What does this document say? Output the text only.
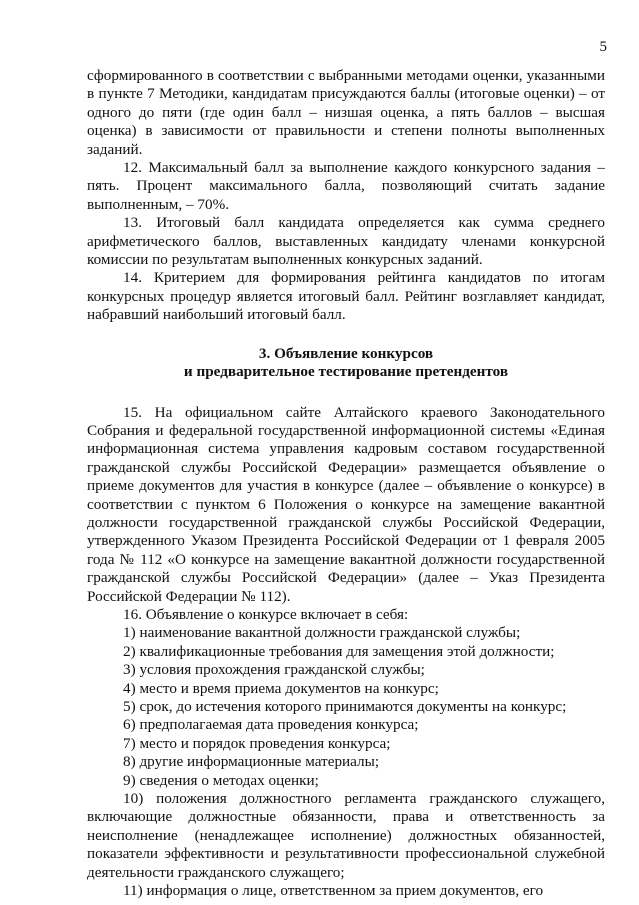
5

сформированного в соответствии с выбранными методами оценки, указанными в пункте 7 Методики, кандидатам присуждаются баллы (итоговые оценки) – от одного до пяти (где один балл – низшая оценка, а пять баллов – высшая оценка) в зависимости от правильности и степени полноты выполненных заданий.

12. Максимальный балл за выполнение каждого конкурсного задания – пять. Процент максимального балла, позволяющий считать задание выполненным, – 70%.

13. Итоговый балл кандидата определяется как сумма среднего арифметического баллов, выставленных кандидату членами конкурсной комиссии по результатам выполненных конкурсных заданий.

14. Критерием для формирования рейтинга кандидатов по итогам конкурсных процедур является итоговый балл. Рейтинг возглавляет кандидат, набравший наибольший итоговый балл.

3. Объявление конкурсов
и предварительное тестирование претендентов

15. На официальном сайте Алтайского краевого Законодательного Собрания и федеральной государственной информационной системы «Единая информационная система управления кадровым составом государственной гражданской службы Российской Федерации» размещается объявление о приеме документов для участия в конкурсе (далее – объявление о конкурсе) в соответствии с пунктом 6 Положения о конкурсе на замещение вакантной должности государственной гражданской службы Российской Федерации, утвержденного Указом Президента Российской Федерации от 1 февраля 2005 года № 112 «О конкурсе на замещение вакантной должности государственной гражданской службы Российской Федерации» (далее – Указ Президента Российской Федерации № 112).

16. Объявление о конкурсе включает в себя:

1) наименование вакантной должности гражданской службы;

2) квалификационные требования для замещения этой должности;

3) условия прохождения гражданской службы;

4) место и время приема документов на конкурс;

5) срок, до истечения которого принимаются документы на конкурс;

6) предполагаемая дата проведения конкурса;

7) место и порядок проведения конкурса;

8) другие информационные материалы;

9) сведения о методах оценки;

10) положения должностного регламента гражданского служащего, включающие должностные обязанности, права и ответственность за неисполнение (ненадлежащее исполнение) должностных обязанностей, показатели эффективности и результативности профессиональной служебной деятельности гражданского служащего;

11) информация о лице, ответственном за прием документов, его
